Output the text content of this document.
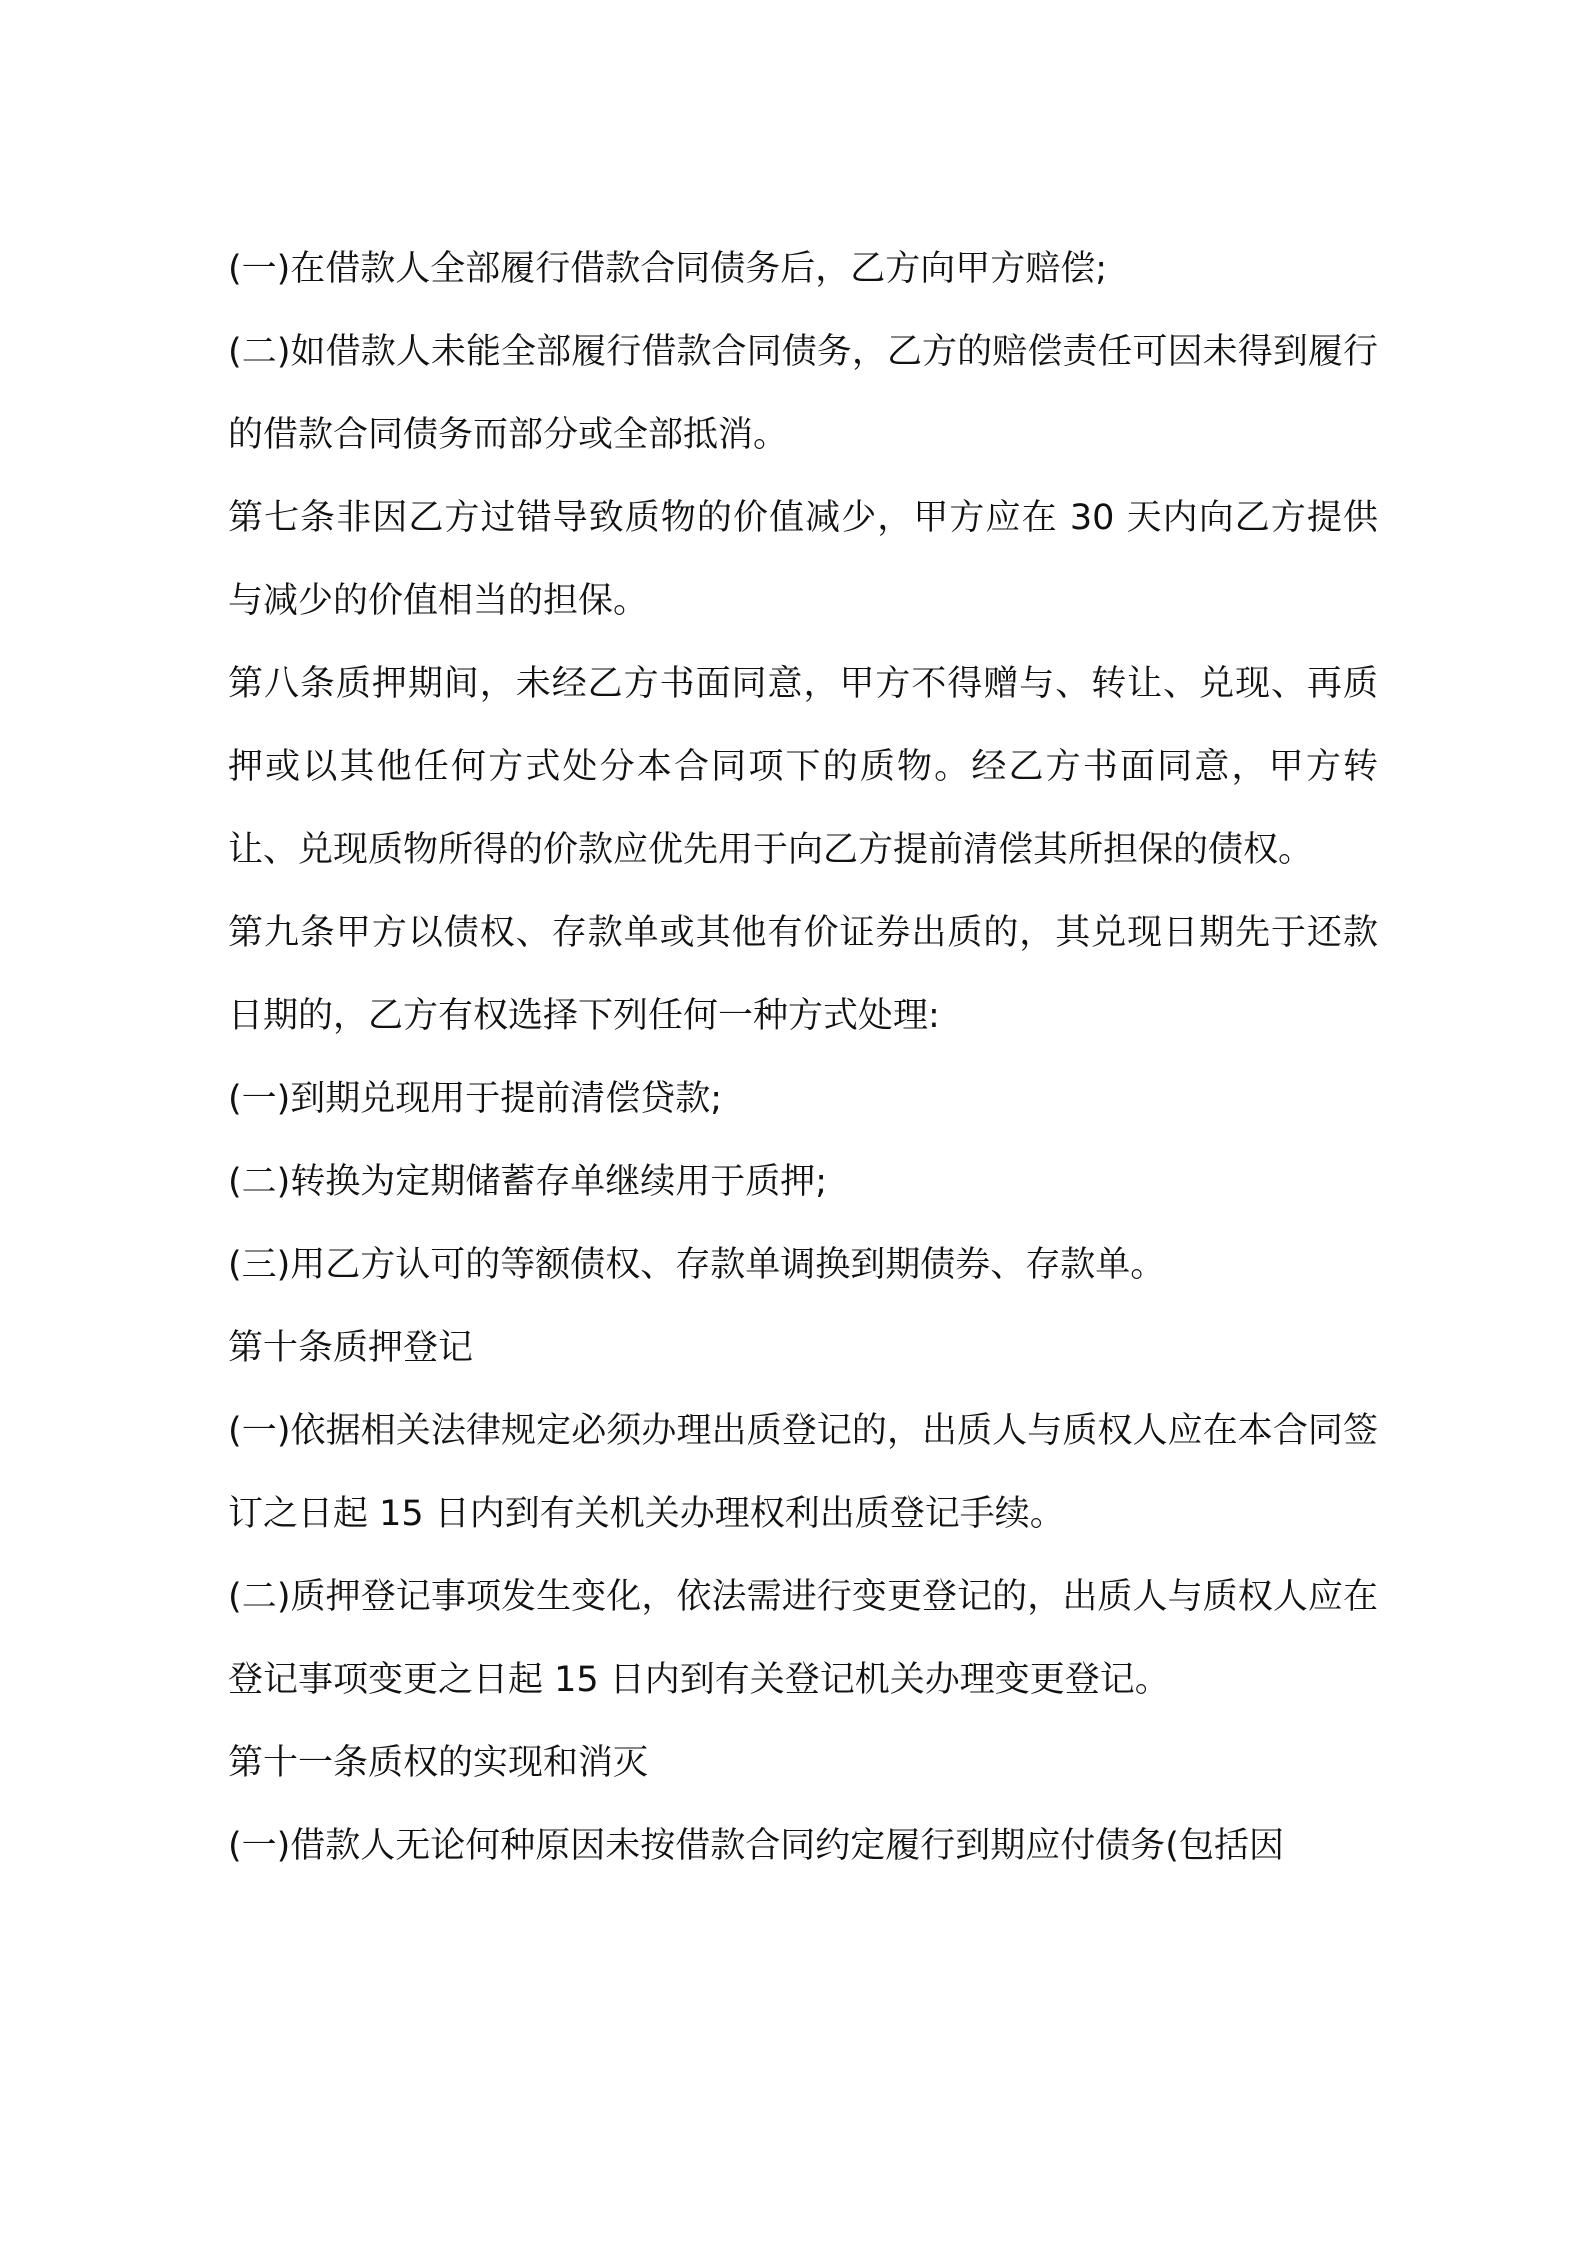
(一)在借款人全部履行借款合同债务后，乙方向甲方赔偿;

(二)如借款人未能全部履行借款合同债务，乙方的赔偿责任可因未得到履行的借款合同债务而部分或全部抵消。

第七条非因乙方过错导致质物的价值减少，甲方应在 30 天内向乙方提供与减少的价值相当的担保。

第八条质押期间，未经乙方书面同意，甲方不得赠与、转让、兑现、再质押或以其他任何方式处分本合同项下的质物。经乙方书面同意，甲方转让、兑现质物所得的价款应优先用于向乙方提前清偿其所担保的债权。

第九条甲方以债权、存款单或其他有价证券出质的，其兑现日期先于还款日期的，乙方有权选择下列任何一种方式处理:

(一)到期兑现用于提前清偿贷款;

(二)转换为定期储蓄存单继续用于质押;

(三)用乙方认可的等额债权、存款单调换到期债券、存款单。

第十条质押登记

(一)依据相关法律规定必须办理出质登记的，出质人与质权人应在本合同签订之日起 15 日内到有关机关办理权利出质登记手续。

(二)质押登记事项发生变化，依法需进行变更登记的，出质人与质权人应在登记事项变更之日起 15 日内到有关登记机关办理变更登记。

第十一条质权的实现和消灭

(一)借款人无论何种原因未按借款合同约定履行到期应付债务(包括因
